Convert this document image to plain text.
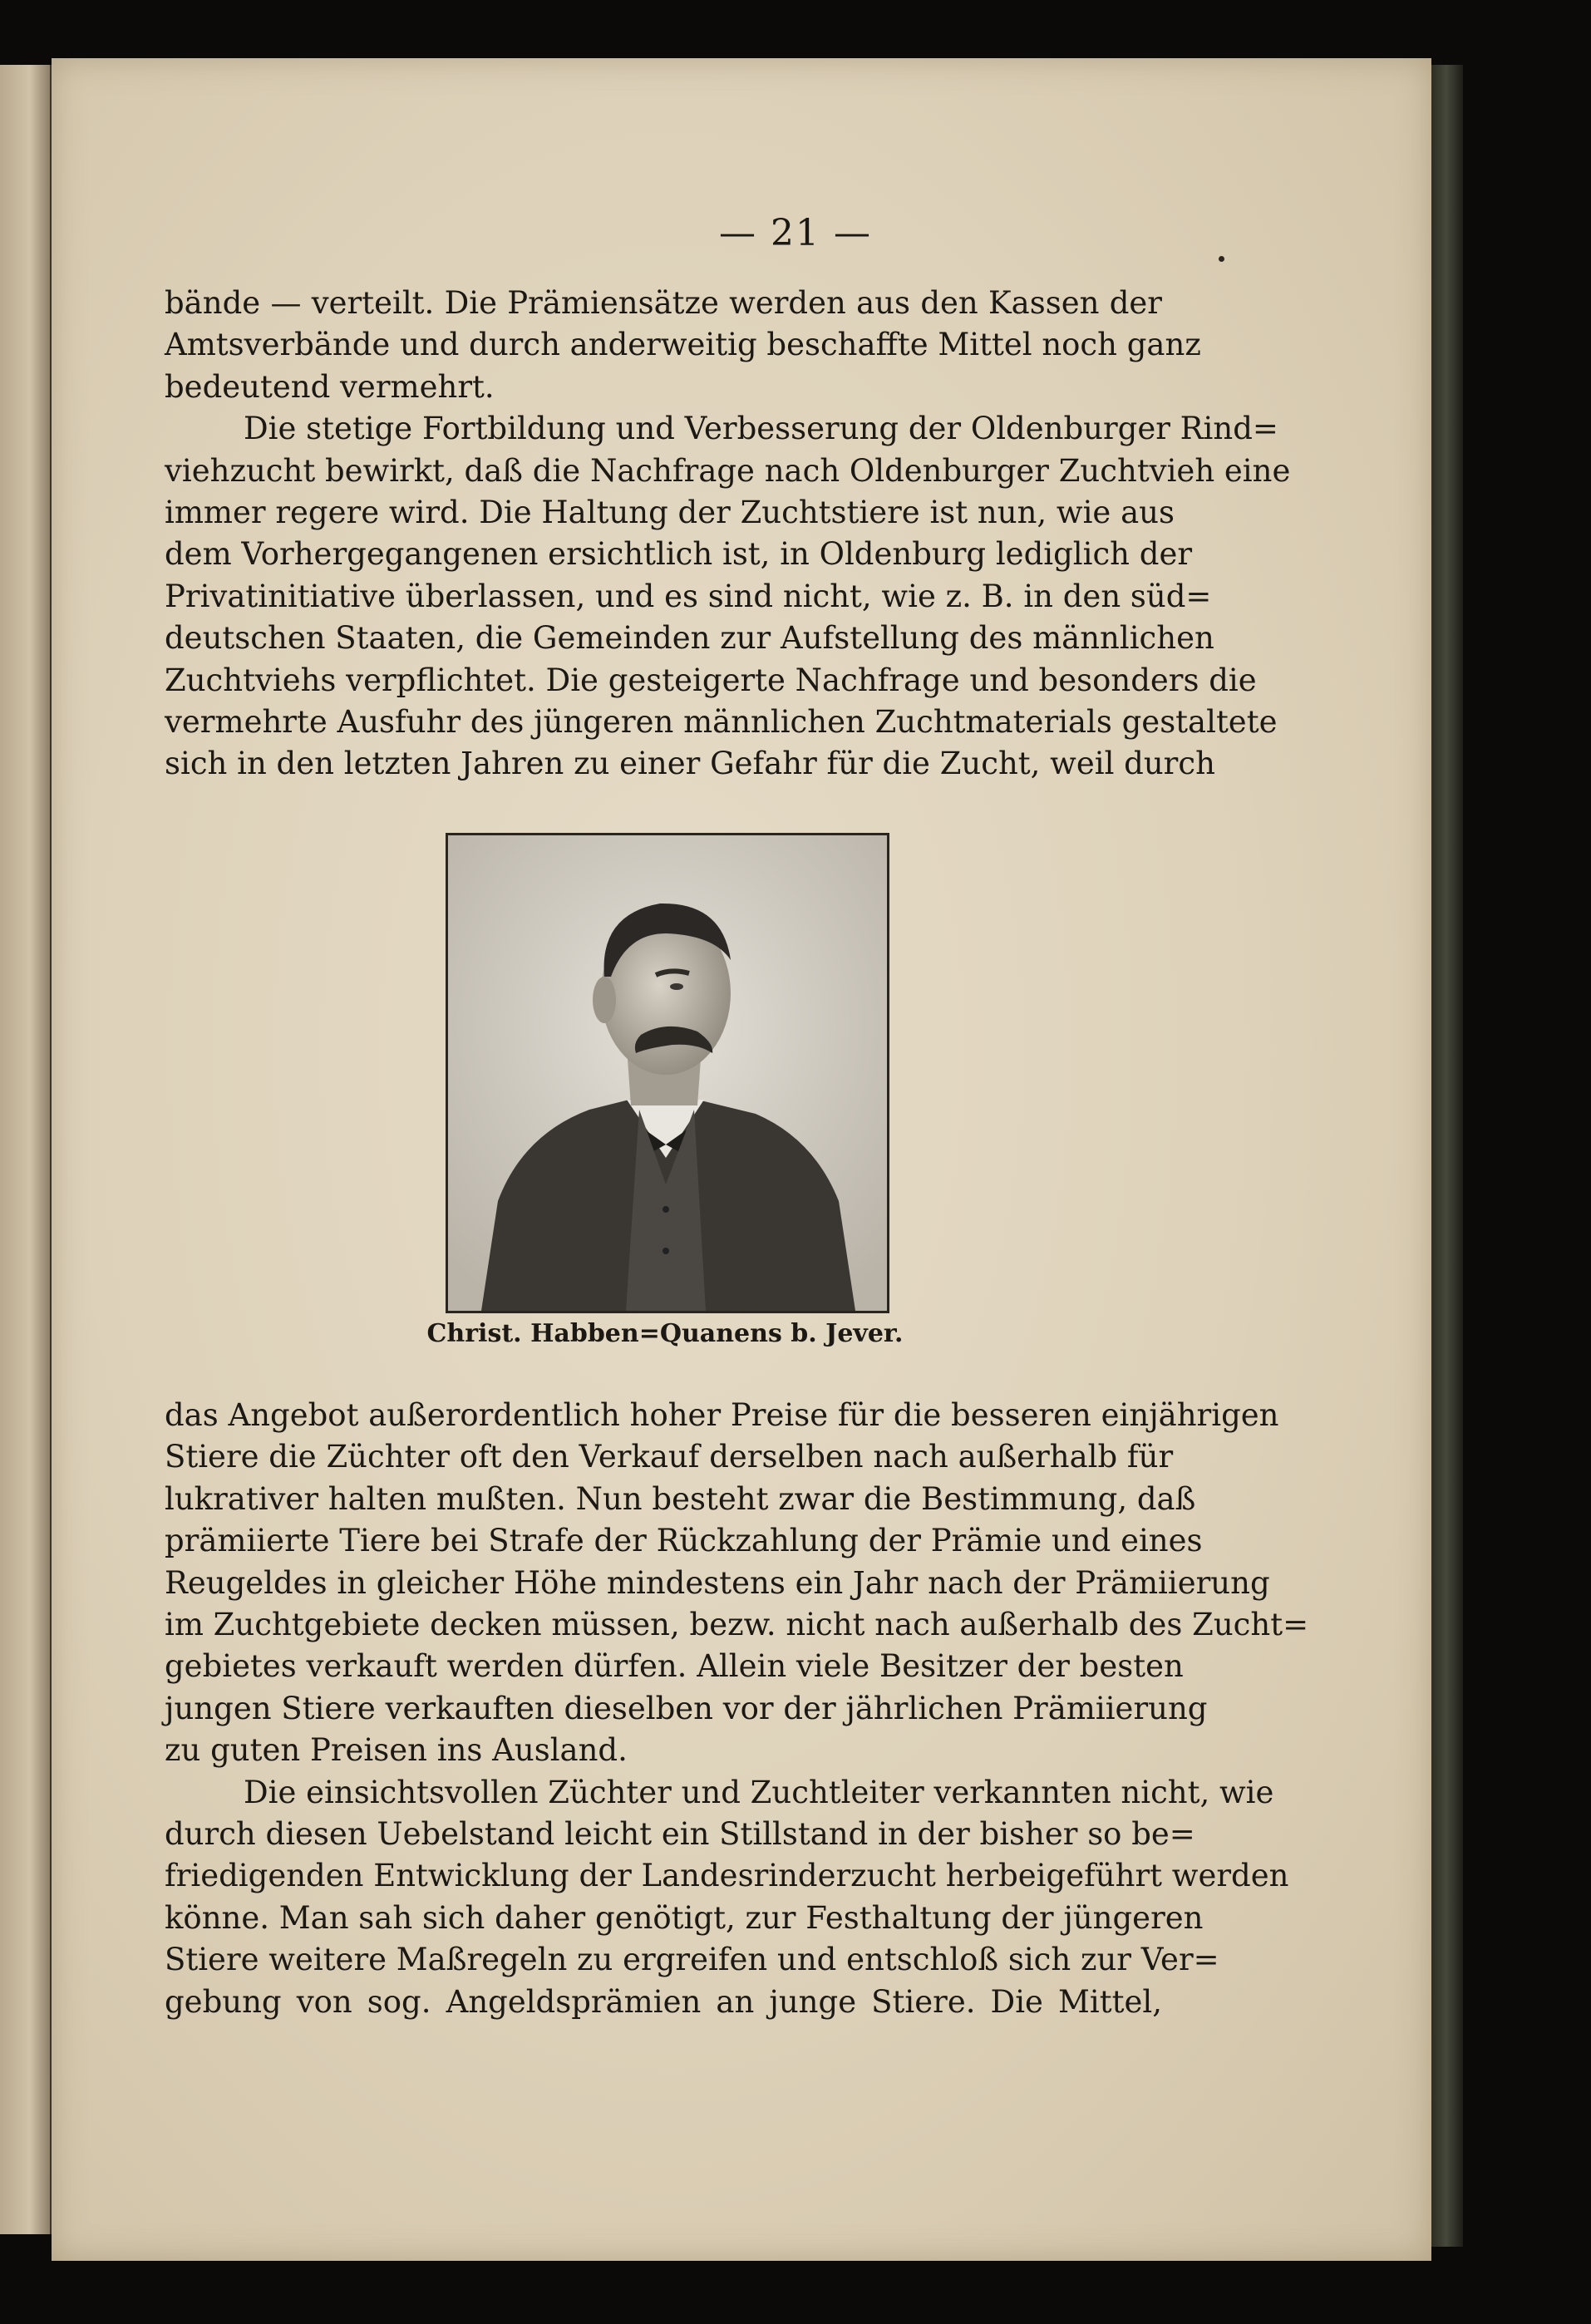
— 21 —
bände — verteilt. Die Prämiensätze werden aus den Kassen der
Amtsverbände und durch anderweitig beschaffte Mittel noch ganz
bedeutend vermehrt.
Die stetige Fortbildung und Verbesserung der Oldenburger Rind=
viehzucht bewirkt, daß die Nachfrage nach Oldenburger Zuchtvieh eine
immer regere wird. Die Haltung der Zuchtstiere ist nun, wie aus
dem Vorhergegangenen ersichtlich ist, in Oldenburg lediglich der
Privatinitiative überlassen, und es sind nicht, wie z. B. in den süd=
deutschen Staaten, die Gemeinden zur Aufstellung des männlichen
Zuchtviehs verpflichtet. Die gesteigerte Nachfrage und besonders die
vermehrte Ausfuhr des jüngeren männlichen Zuchtmaterials gestaltete
sich in den letzten Jahren zu einer Gefahr für die Zucht, weil durch
Christ. Habben=Quanens b. Jever.
das Angebot außerordentlich hoher Preise für die besseren einjährigen
Stiere die Züchter oft den Verkauf derselben nach außerhalb für
lukrativer halten mußten. Nun besteht zwar die Bestimmung, daß
prämiierte Tiere bei Strafe der Rückzahlung der Prämie und eines
Reugeldes in gleicher Höhe mindestens ein Jahr nach der Prämiierung
im Zuchtgebiete decken müssen, bezw. nicht nach außerhalb des Zucht=
gebietes verkauft werden dürfen. Allein viele Besitzer der besten
jungen Stiere verkauften dieselben vor der jährlichen Prämiierung
zu guten Preisen ins Ausland.
Die einsichtsvollen Züchter und Zuchtleiter verkannten nicht, wie
durch diesen Uebelstand leicht ein Stillstand in der bisher so be=
friedigenden Entwicklung der Landesrinderzucht herbeigeführt werden
könne. Man sah sich daher genötigt, zur Festhaltung der jüngeren
Stiere weitere Maßregeln zu ergreifen und entschloß sich zur Ver=
gebung von sog. Angeldsprämien an junge Stiere. Die Mittel,
